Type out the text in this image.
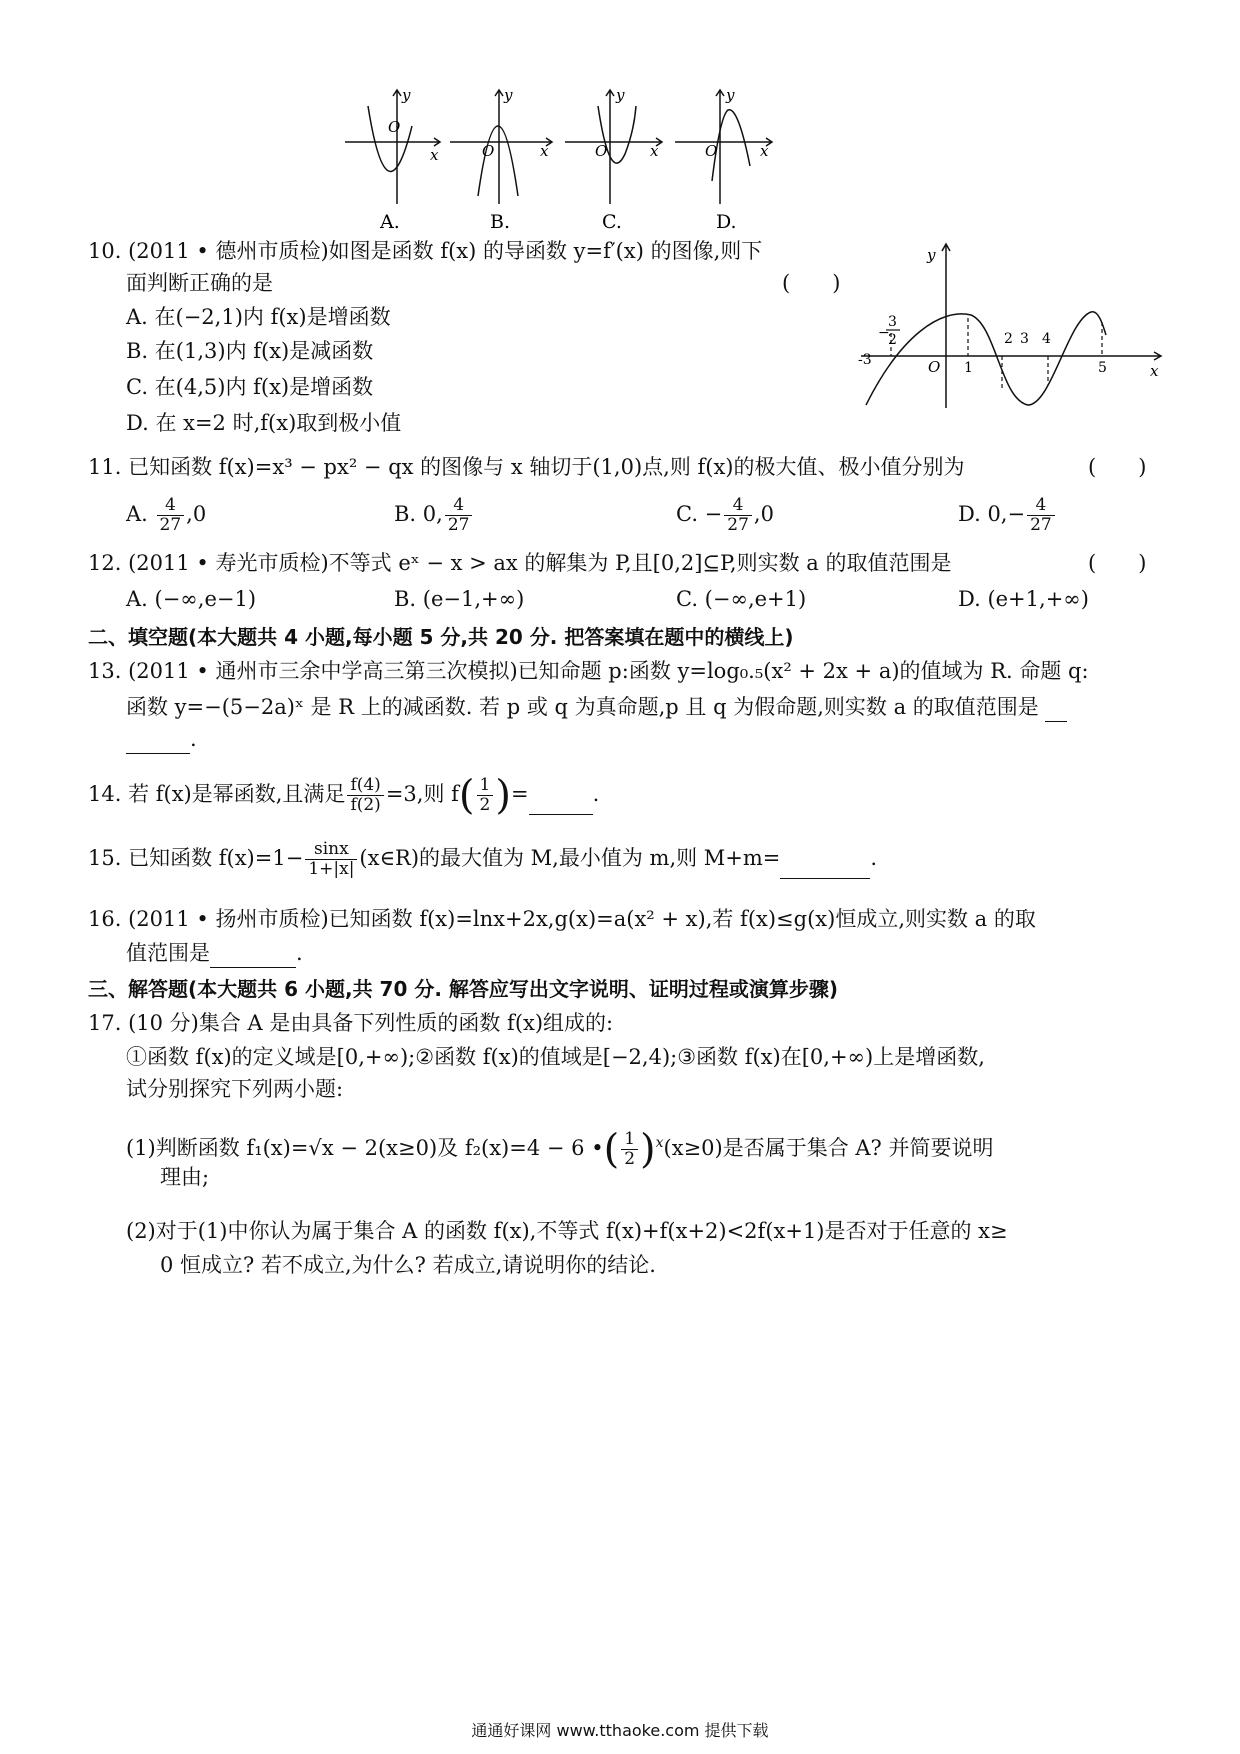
y
O
x
A.
y
O	x
B.
y
O	x
C.
y
O	x
D.
10. (2011 • 德州市质检)如图是函数 f(x) 的导函数 y=f′(x) 的图像,则下
面判断正确的是	(　　)
A. 在(−2,1)内 f(x)是增函数
B. 在(1,3)内 f(x)是减函数
C. 在(4,5)内 f(x)是增函数
D. 在 x=2 时,f(x)取到极小值
y
x
O
-3	1
2 3 4
5
−
3
2
11. 已知函数 f(x)=x³ − px² − qx 的图像与 x 轴切于(1,0)点,则 f(x)的极大值、极小值分别为	(　　)
A. $\frac{4}{27} ,0$	B. 0, $\frac{4}{27}$	C. − $\frac{4}{27} ,0$	D. $0,- \frac{4}{27}$
12. (2011 • 寿光市质检)不等式 eˣ − x > ax 的解集为 P,且[0,2]⊆P,则实数 a 的取值范围是	(　　)
A. (−∞,e−1)	B. (e−1,+∞)	C. (−∞,e+1)	D. (e+1,+∞)
二、填空题(本大题共 4 小题,每小题 5 分,共 20 分. 把答案填在题中的横线上)
13. (2011 • 通州市三余中学高三第三次模拟)已知命题 p:函数 y=log₀.₅(x² + 2x + a)的值域为 R. 命题 q:
函数 y=−(5−2a)ˣ 是 R 上的减函数. 若 p 或 q 为真命题,p 且 q 为假命题,则实数 a 的取值范围是
.
14. 若 f(x)是幂函数,且满足 $\frac{f(4)}{f(2)} =3$,则 $f( \frac{1}{2}$ )=	.
15. 已知函数 $f(x)=1- \frac{\sin x}{1+|x|}$ (x∈R)的最大值为 M,最小值为 m,则 M+m=	.
16. (2011 • 扬州市质检)已知函数 f(x)=lnx+2x,g(x)=a(x² + x),若 f(x)≤g(x)恒成立,则实数 a 的取
值范围是	.
三、解答题(本大题共 6 小题,共 70 分. 解答应写出文字说明、证明过程或演算步骤)
17. (10 分)集合 A 是由具备下列性质的函数 f(x)组成的:
①函数 f(x)的定义域是[0,+∞);②函数 f(x)的值域是[−2,4);③函数 f(x)在[0,+∞)上是增函数,
试分别探究下列两小题:
(1)判断函数 f₁(x)=√x − 2(x≥0)及 f₂(x)=4 − 6 •( $\frac{1}{2} )^x(x\ge 0)$是否属于集合 A? 并简要说明
理由;
(2)对于(1)中你认为属于集合 A 的函数 f(x),不等式 f(x)+f(x+2)<2f(x+1)是否对于任意的 x≥
0 恒成立? 若不成立,为什么? 若成立,请说明你的结论.
通通好课网 www.tthaoke.com 提供下载
